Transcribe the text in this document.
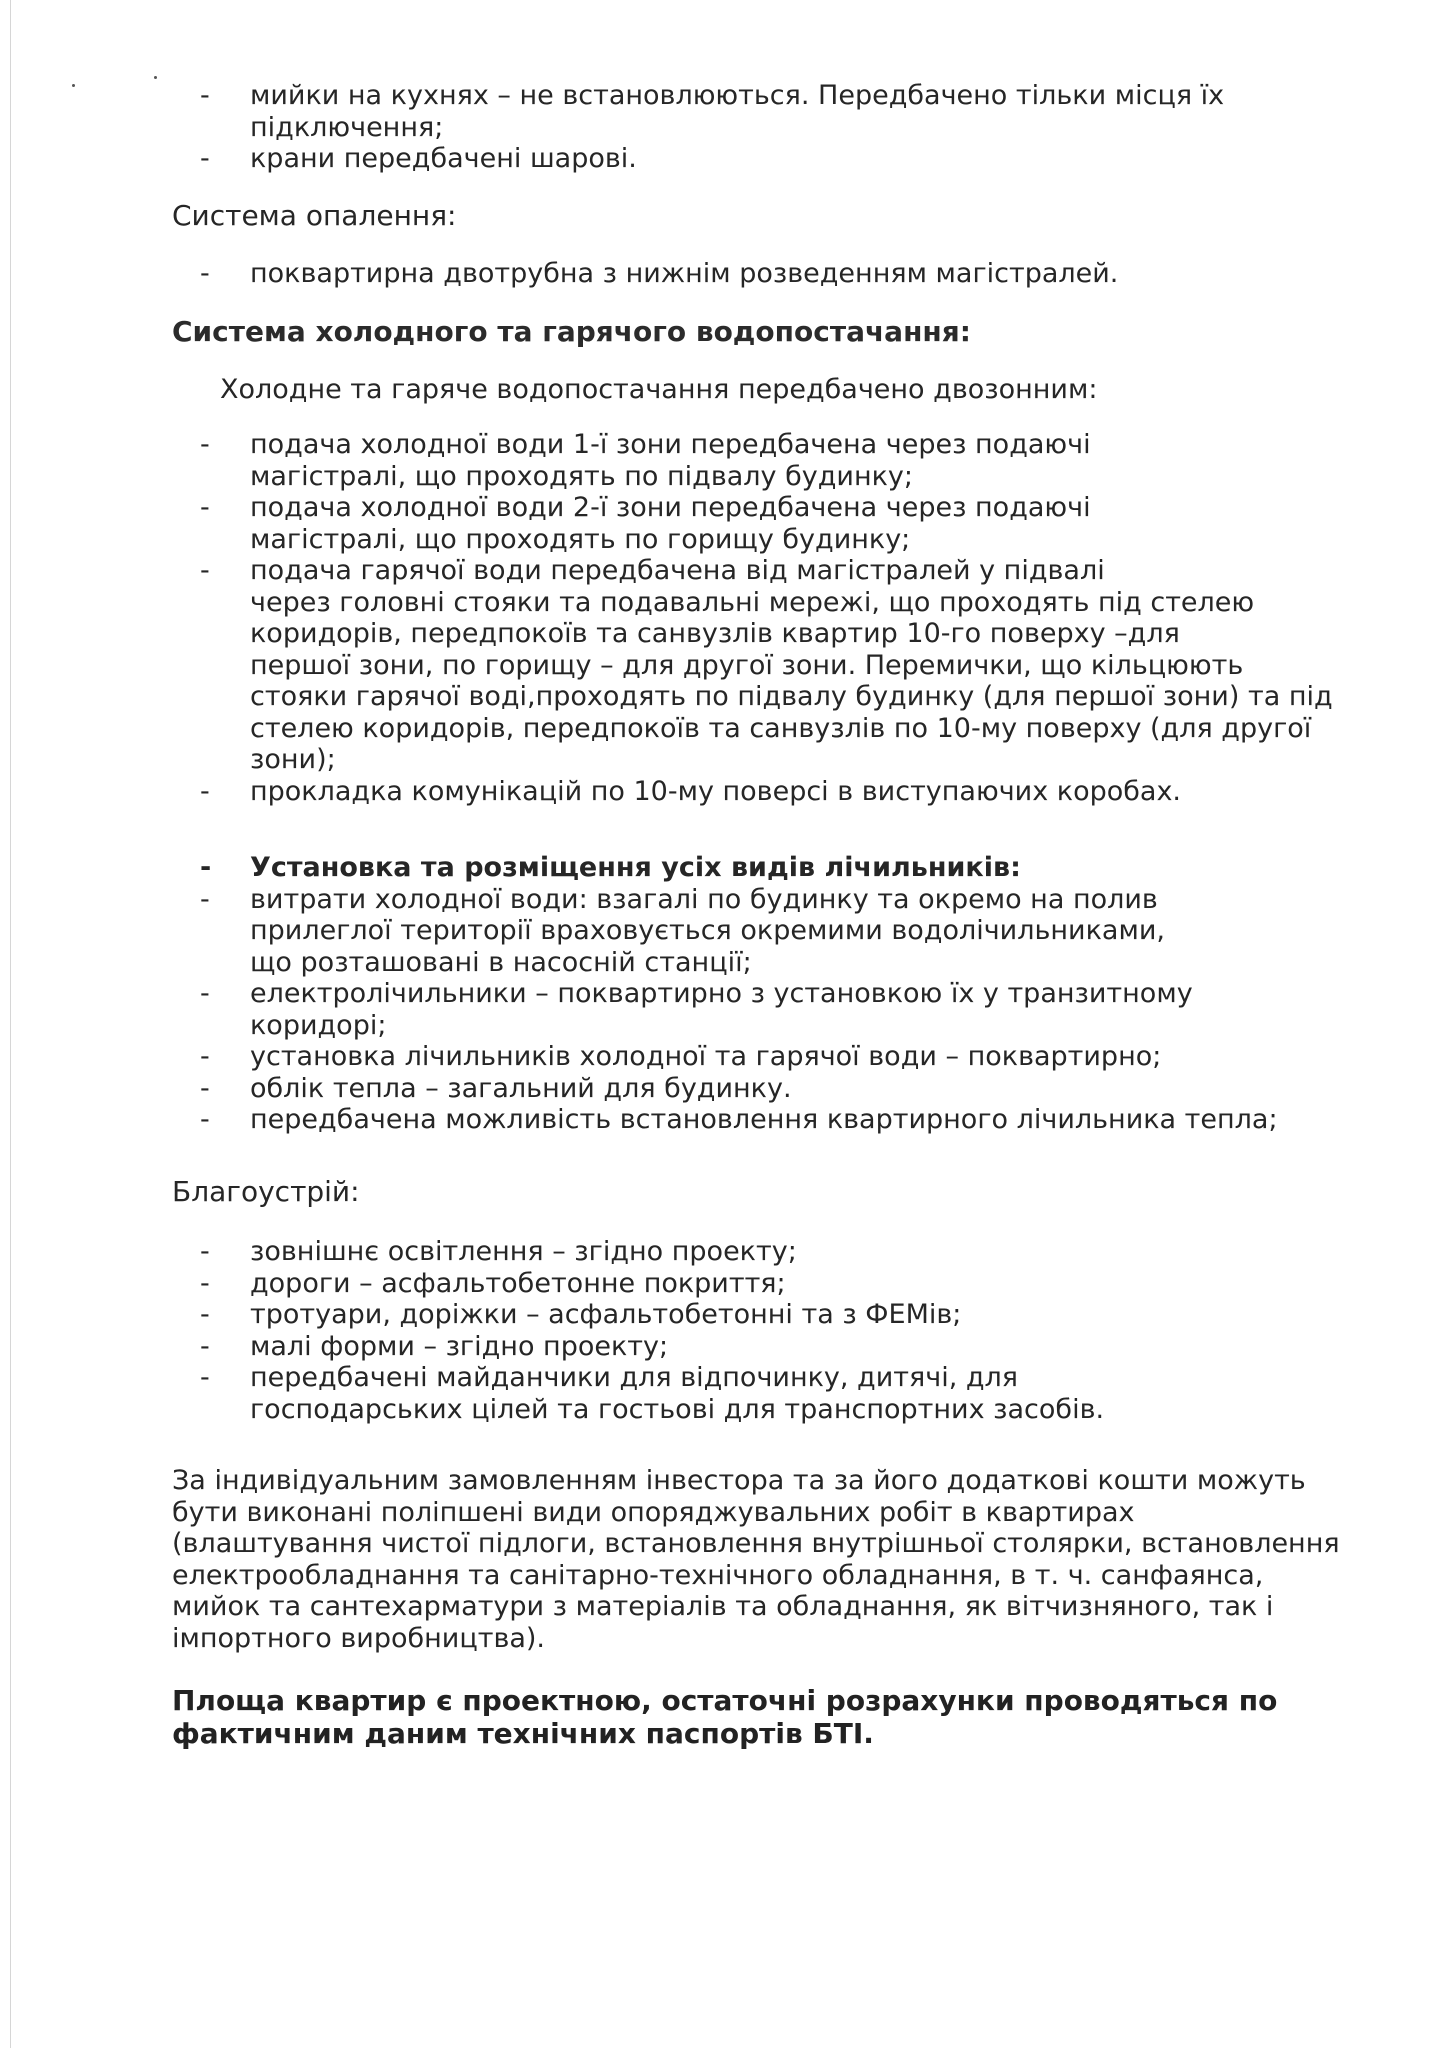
- мийки на кухнях – не встановлюються. Передбачено тільки місця їх
підключення;
- крани передбачені шарові.
Система опалення:
- поквартирна двотрубна з нижнім розведенням магістралей.
Система холодного та гарячого водопостачання:
Холодне та гаряче водопостачання передбачено двозонним:
- подача холодної води 1-ї зони передбачена через подаючі
магістралі, що проходять по підвалу будинку;
- подача холодної води 2-ї зони передбачена через подаючі
магістралі, що проходять по горищу будинку;
- подача гарячої води передбачена від магістралей у підвалі
через головні стояки та подавальні мережі, що проходять під стелею
коридорів, передпокоїв та санвузлів квартир 10-го поверху –для
першої зони, по горищу – для другої зони. Перемички, що кільцюють
стояки гарячої воді,проходять по підвалу будинку (для першої зони) та під
стелею коридорів, передпокоїв та санвузлів по 10-му поверху (для другої
зони);
- прокладка комунікацій по 10-му поверсі в виступаючих коробах.
- Установка та розміщення усіх видів лічильників:
- витрати холодної води: взагалі по будинку та окремо на полив
прилеглої території враховується окремими водолічильниками,
що розташовані в насосній станції;
- електролічильники – поквартирно з установкою їх у транзитному
коридорі;
- установка лічильників холодної та гарячої води – поквартирно;
- облік тепла – загальний для будинку.
- передбачена можливість встановлення квартирного лічильника тепла;
Благоустрій:
- зовнішнє освітлення – згідно проекту;
- дороги – асфальтобетонне покриття;
- тротуари, доріжки – асфальтобетонні та з ФЕМів;
- малі форми – згідно проекту;
- передбачені майданчики для відпочинку, дитячі, для
господарських цілей та гостьові для транспортних засобів.
За індивідуальним замовленням інвестора та за його додаткові кошти можуть
бути виконані поліпшені види опоряджувальних робіт в квартирах
(влаштування чистої підлоги, встановлення внутрішньої столярки, встановлення
електрообладнання та санітарно-технічного обладнання, в т. ч. санфаянса,
мийок та сантехарматури з матеріалів та обладнання, як вітчизняного, так і
імпортного виробництва).
Площа квартир є проектною, остаточні розрахунки проводяться по
фактичним даним технічних паспортів БТІ.
